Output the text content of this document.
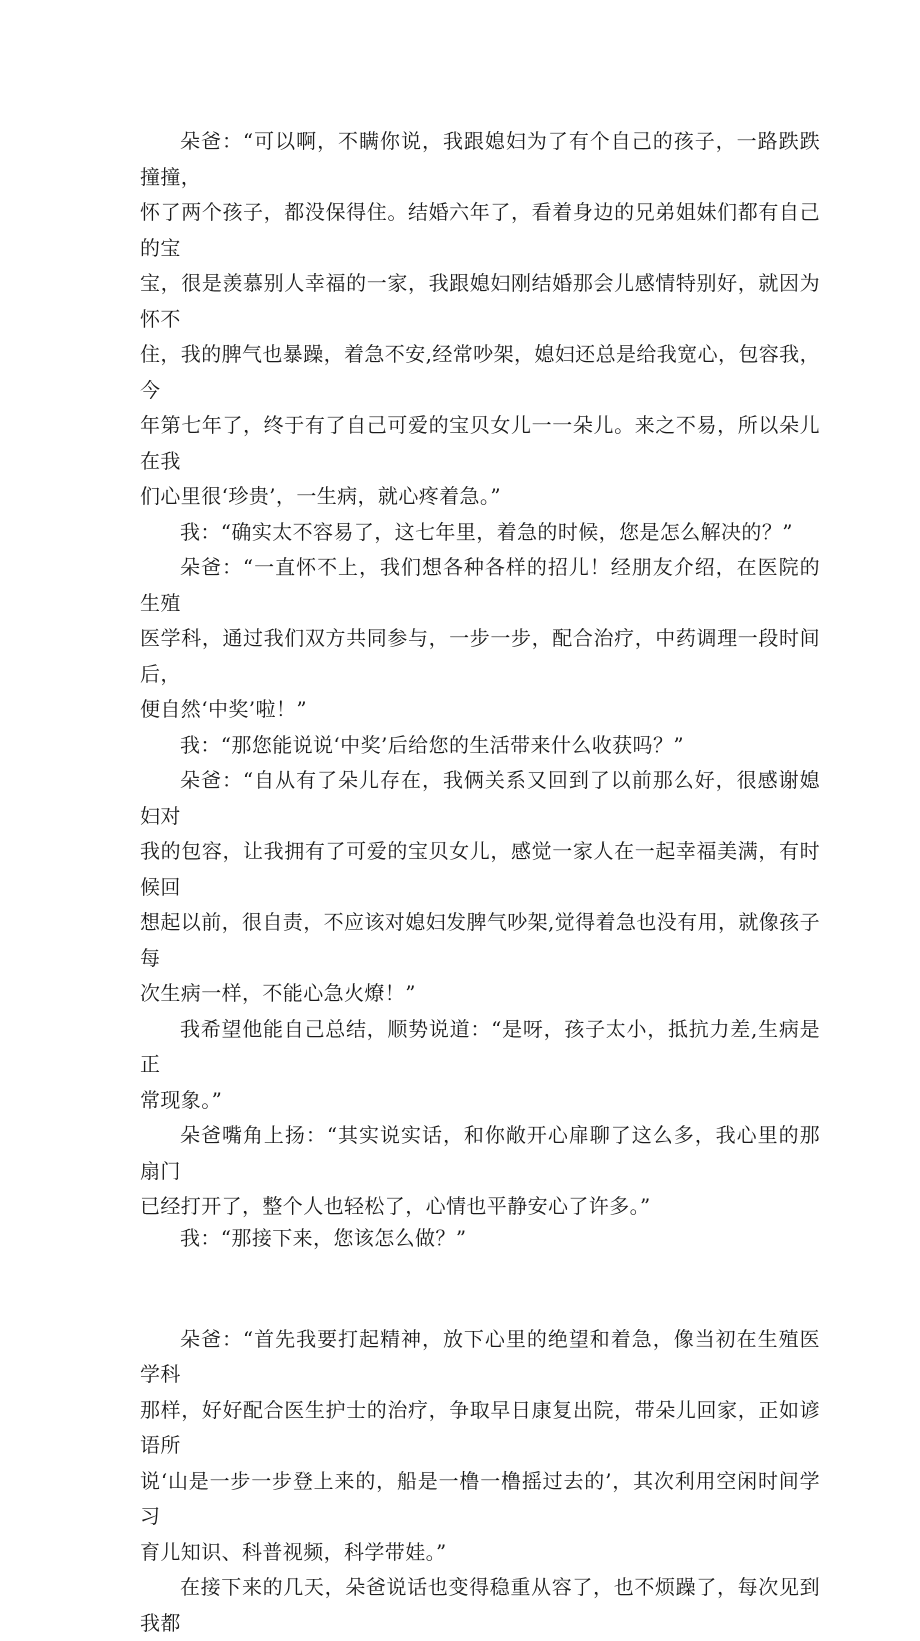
朵爸：“可以啊，不瞒你说，我跟媳妇为了有个自己的孩子，一路跌跌撞撞，
怀了两个孩子，都没保得住。结婚六年了，看着身边的兄弟姐妹们都有自己的宝
宝，很是羡慕别人幸福的一家，我跟媳妇刚结婚那会儿感情特别好，就因为怀不
住，我的脾气也暴躁，着急不安,经常吵架，媳妇还总是给我宽心，包容我，今
年第七年了，终于有了自己可爱的宝贝女儿一一朵儿。来之不易，所以朵儿在我
们心里很‘珍贵’，一生病，就心疼着急。”

我：“确实太不容易了，这七年里，着急的时候，您是怎么解决的？”

朵爸：“一直怀不上，我们想各种各样的招儿！经朋友介绍，在医院的生殖
医学科，通过我们双方共同参与，一步一步，配合治疗，中药调理一段时间后，
便自然‘中奖’啦！”

我：“那您能说说‘中奖’后给您的生活带来什么收获吗？”

朵爸：“自从有了朵儿存在，我俩关系又回到了以前那么好，很感谢媳妇对
我的包容，让我拥有了可爱的宝贝女儿，感觉一家人在一起幸福美满，有时候回
想起以前，很自责，不应该对媳妇发脾气吵架,觉得着急也没有用，就像孩子每
次生病一样，不能心急火燎！”

我希望他能自己总结，顺势说道：“是呀，孩子太小，抵抗力差,生病是正
常现象。”

朵爸嘴角上扬：“其实说实话，和你敞开心扉聊了这么多，我心里的那扇门
已经打开了，整个人也轻松了，心情也平静安心了许多。”

我：“那接下来，您该怎么做？”

朵爸：“首先我要打起精神，放下心里的绝望和着急，像当初在生殖医学科
那样，好好配合医生护士的治疗，争取早日康复出院，带朵儿回家，正如谚语所
说‘山是一步一步登上来的，船是一橹一橹摇过去的’，其次利用空闲时间学习
育儿知识、科普视频，科学带娃。”

在接下来的几天，朵爸说话也变得稳重从容了，也不烦躁了，每次见到我都
